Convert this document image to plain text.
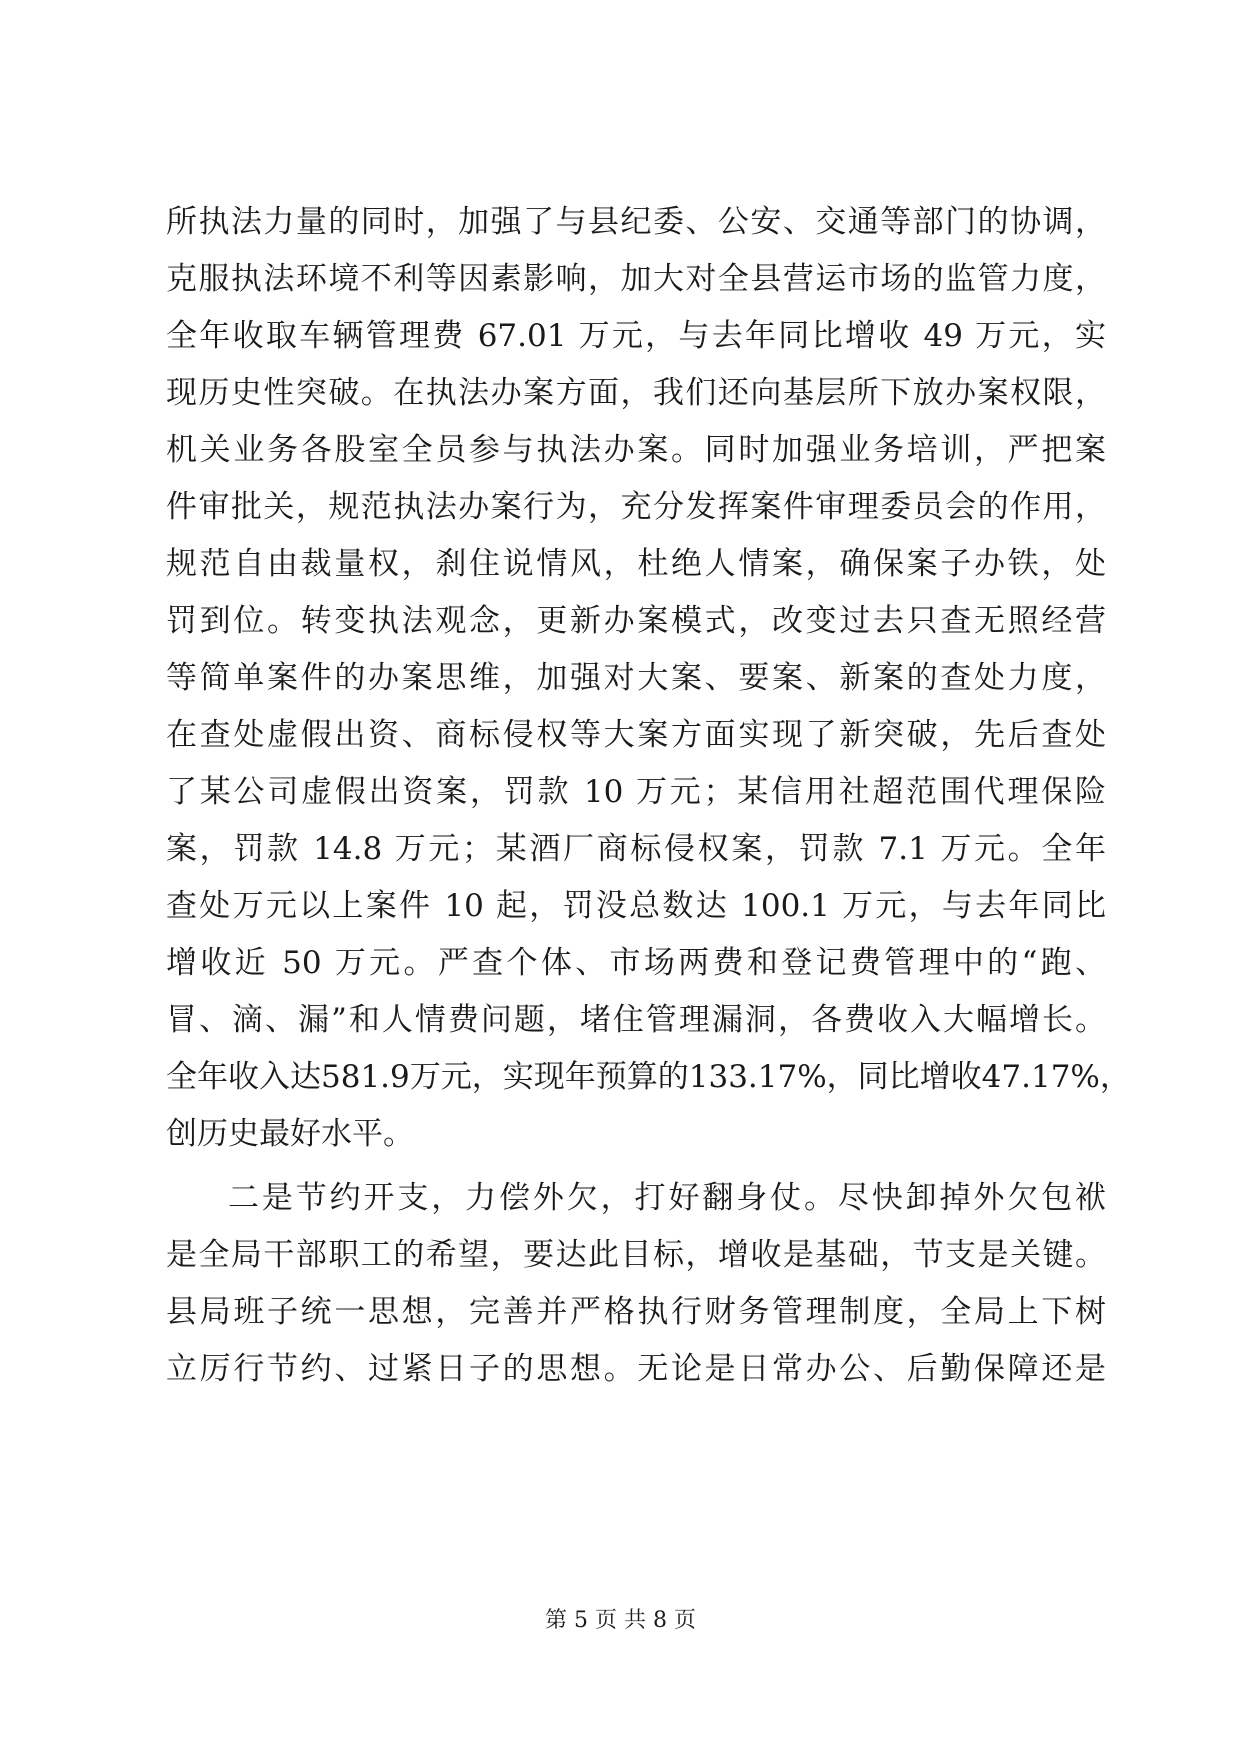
所执法力量的同时，加强了与县纪委、公安、交通等部门的协调，
克服执法环境不利等因素影响，加大对全县营运市场的监管力度，
全年收取车辆管理费 67.01 万元，与去年同比增收 49 万元，实
现历史性突破。在执法办案方面，我们还向基层所下放办案权限，
机关业务各股室全员参与执法办案。同时加强业务培训，严把案
件审批关，规范执法办案行为，充分发挥案件审理委员会的作用，
规范自由裁量权，刹住说情风，杜绝人情案，确保案子办铁，处
罚到位。转变执法观念，更新办案模式，改变过去只查无照经营
等简单案件的办案思维，加强对大案、要案、新案的查处力度，
在查处虚假出资、商标侵权等大案方面实现了新突破，先后查处
了某公司虚假出资案，罚款 10 万元；某信用社超范围代理保险
案，罚款 14.8 万元；某酒厂商标侵权案，罚款 7.1 万元。全年
查处万元以上案件 10 起，罚没总数达 100.1 万元，与去年同比
增收近 50 万元。严查个体、市场两费和登记费管理中的“跑、
冒、滴、漏”和人情费问题，堵住管理漏洞，各费收入大幅增长。
全年收入达581.9万元，实现年预算的133.17%，同比增收47.17%，
创历史最好水平。
二是节约开支，力偿外欠，打好翻身仗。尽快卸掉外欠包袱
是全局干部职工的希望，要达此目标，增收是基础，节支是关键。
县局班子统一思想，完善并严格执行财务管理制度，全局上下树
立厉行节约、过紧日子的思想。无论是日常办公、后勤保障还是
第 5 页 共 8 页
